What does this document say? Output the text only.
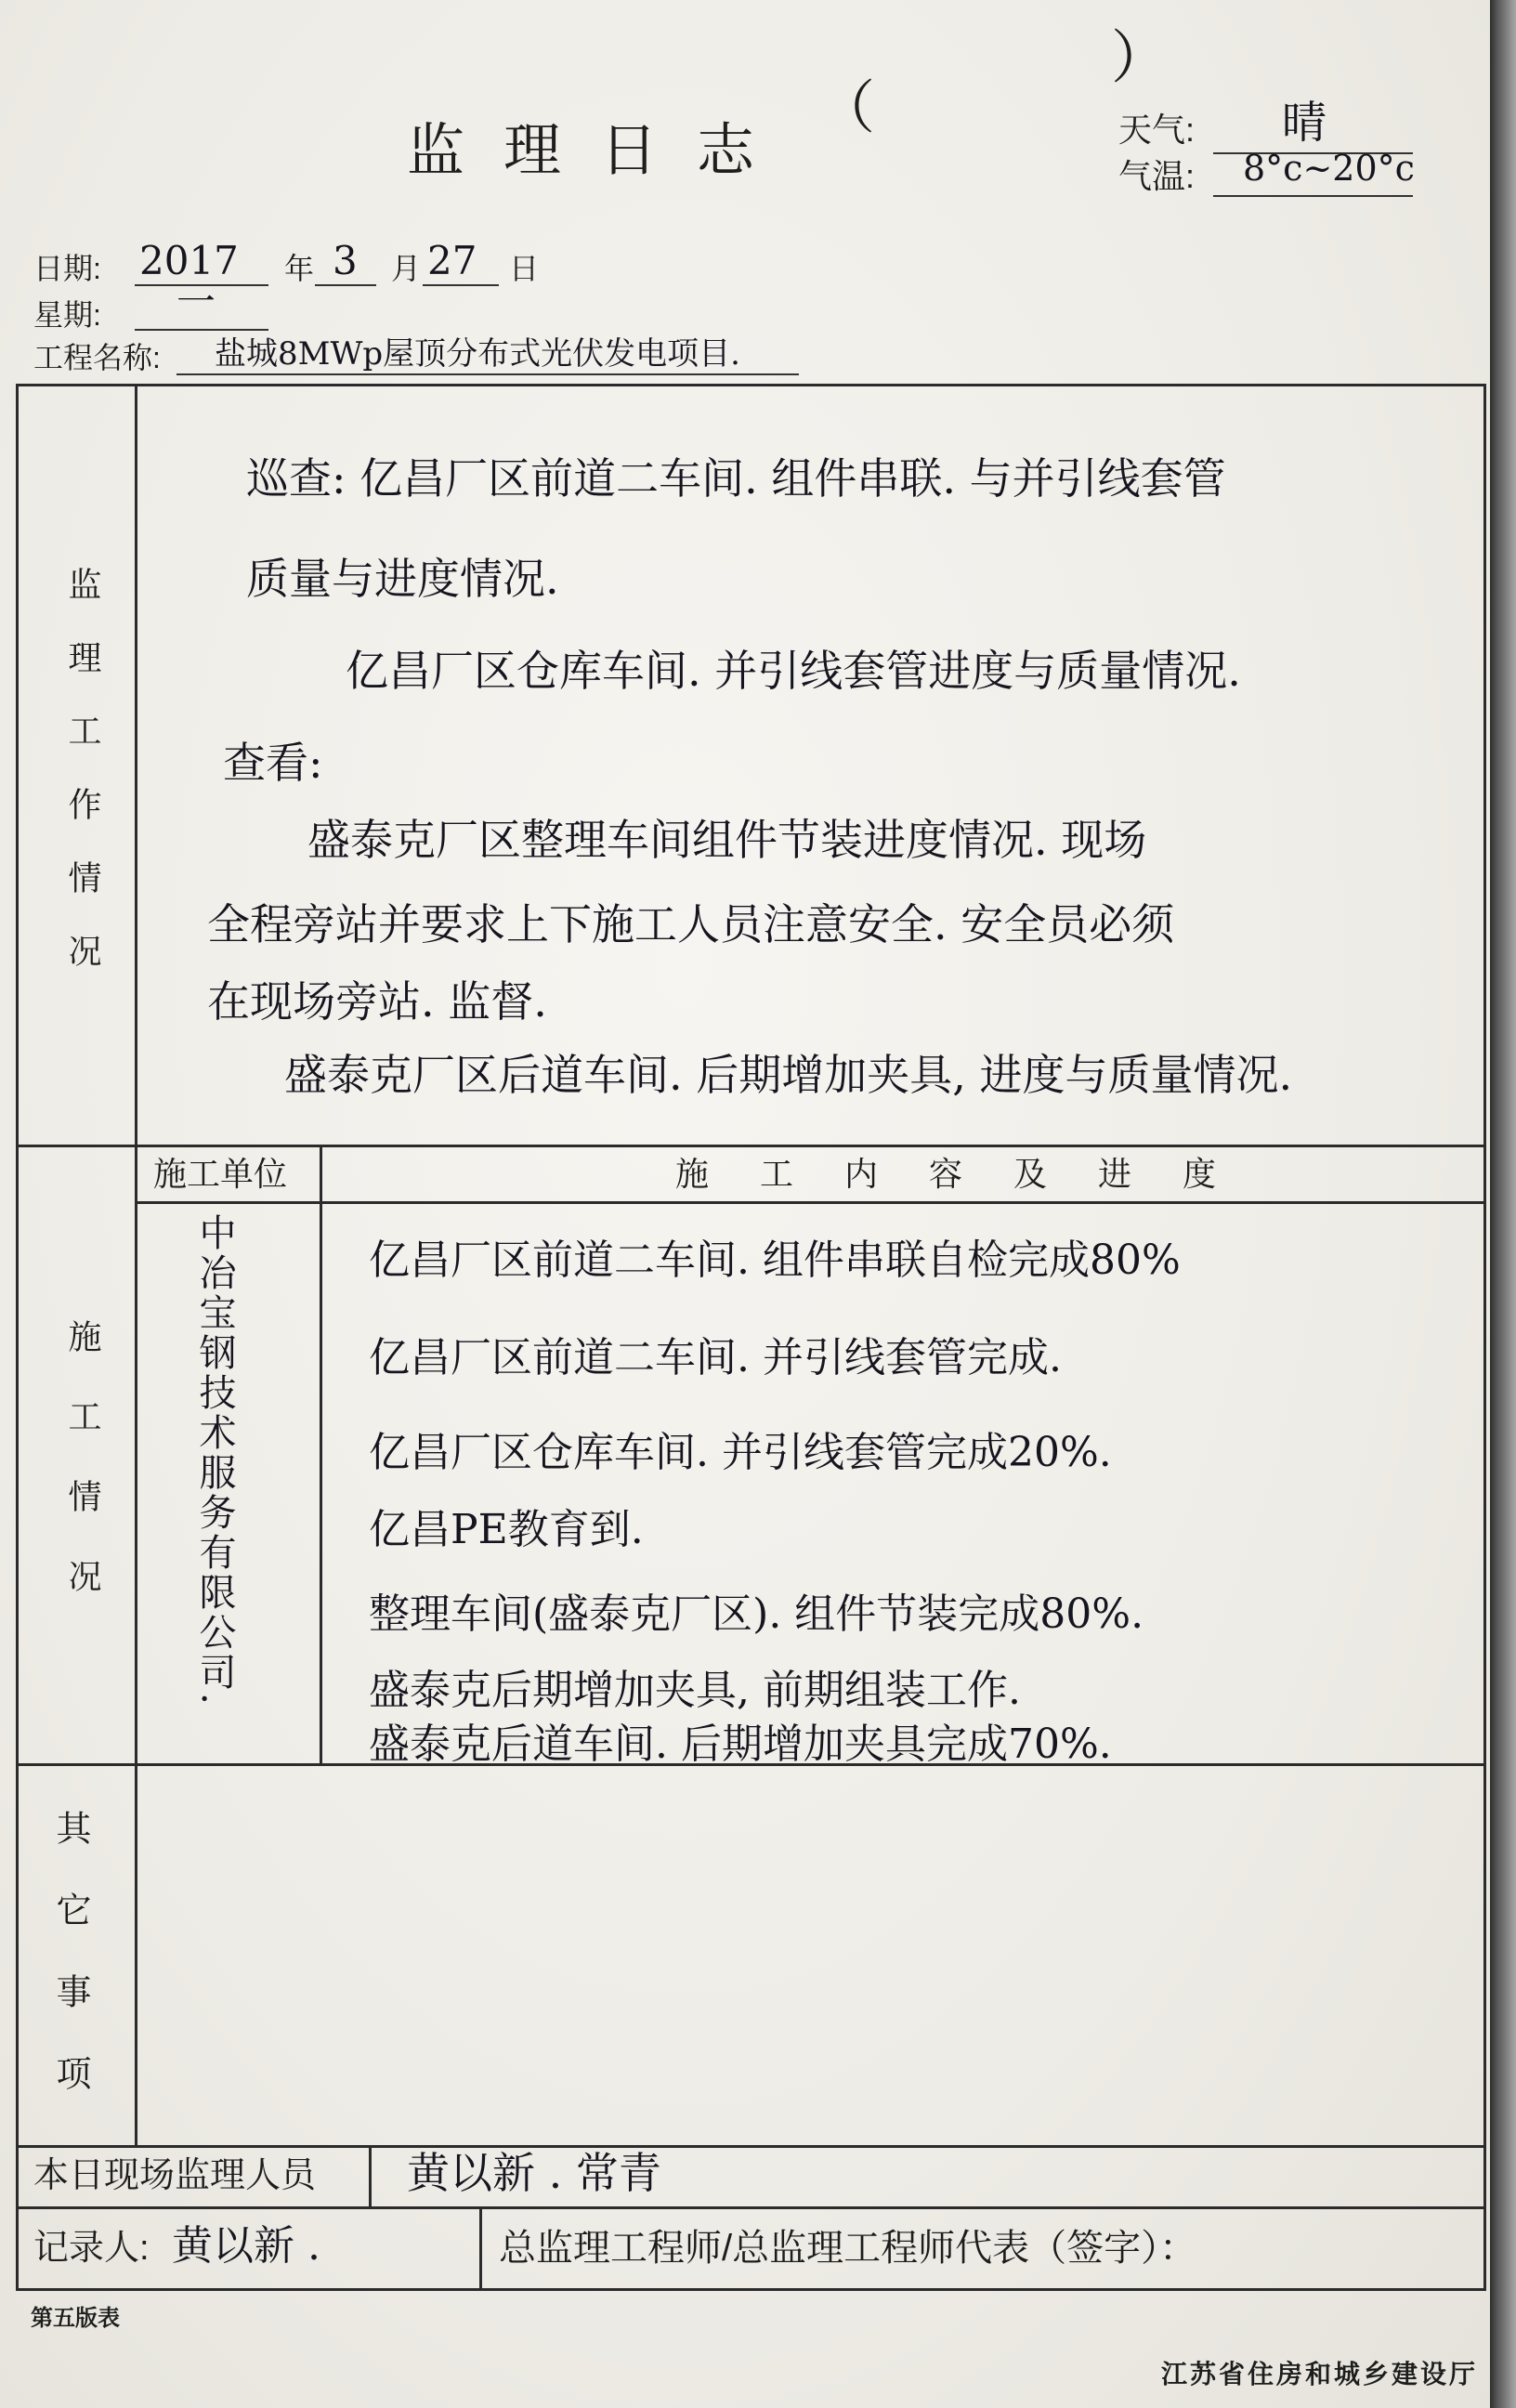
监理日志
（
）
天气: 晴
气温: 8°c~20°c
日期: 2017 年 3 月 27 日
星期: 一
工程名称: 盐城8MWp屋顶分布式光伏发电项目.
监理工作情况
巡查: 亿昌厂区前道二车间. 组件串联. 与并引线套管
质量与进度情况.
亿昌厂区仓库车间. 并引线套管进度与质量情况.
查看:
盛泰克厂区整理车间组件节装进度情况. 现场
全程旁站并要求上下施工人员注意安全. 安全员必须
在现场旁站. 监督.
盛泰克厂区后道车间. 后期增加夹具, 进度与质量情况.
施工情况
施工单位	施工内容及进度
中冶宝钢技术服务有限公司.	亿昌厂区前道二车间. 组件串联自检完成80%
亿昌厂区前道二车间. 并引线套管完成.
亿昌厂区仓库车间. 并引线套管完成20%.
亿昌PE教育到.
整理车间(盛泰克厂区). 组件节装完成80%.
盛泰克后期增加夹具, 前期组装工作.
盛泰克后道车间. 后期增加夹具完成70%.
其它事项
本日现场监理人员 黄以新 . 常青
记录人: 黄以新 .	总监理工程师/总监理工程师代表（签字）：
第五版表
江苏省住房和城乡建设厅
